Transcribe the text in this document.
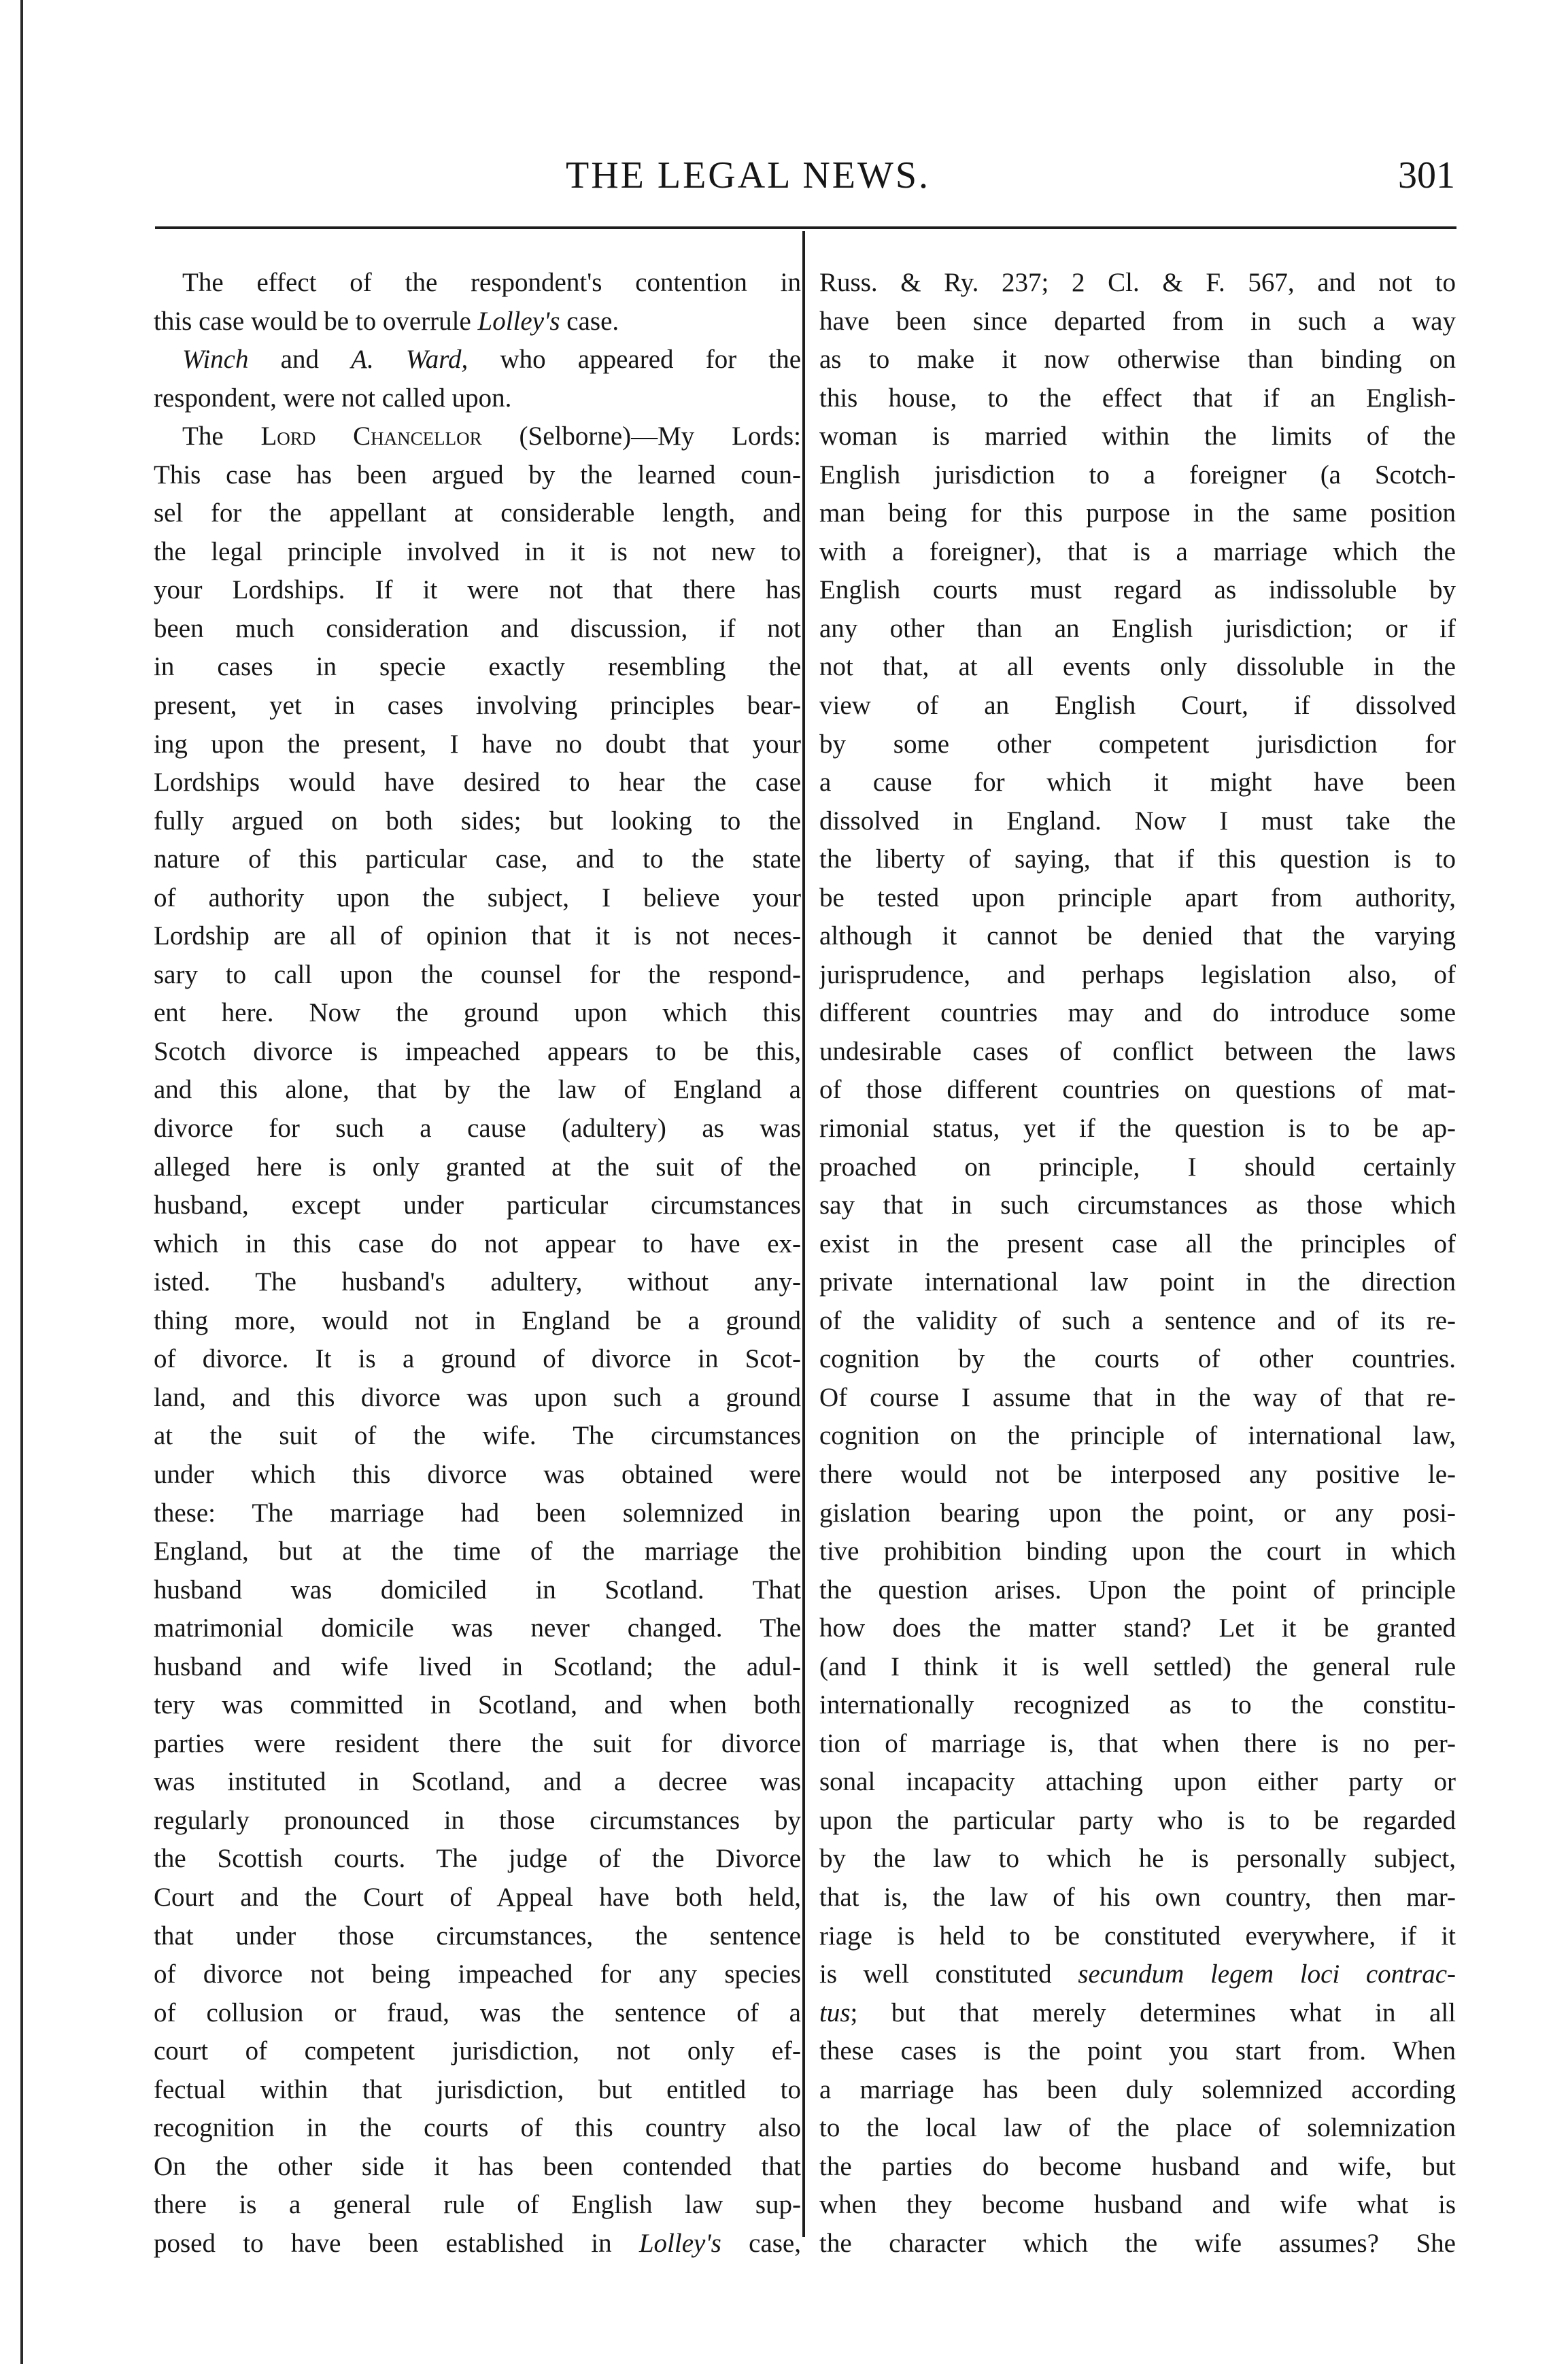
THE LEGAL NEWS.	301
The effect of the respondent's contention in
this case would be to overrule Lolley's case.
Winch and A. Ward, who appeared for the
respondent, were not called upon.
The Lord Chancellor (Selborne)—My Lords:
This case has been argued by the learned coun-
sel for the appellant at considerable length, and
the legal principle involved in it is not new to
your Lordships. If it were not that there has
been much consideration and discussion, if not
in cases in specie exactly resembling the
present, yet in cases involving principles bear-
ing upon the present, I have no doubt that your
Lordships would have desired to hear the case
fully argued on both sides; but looking to the
nature of this particular case, and to the state
of authority upon the subject, I believe your
Lordship are all of opinion that it is not neces-
sary to call upon the counsel for the respond-
ent here. Now the ground upon which this
Scotch divorce is impeached appears to be this,
and this alone, that by the law of England a
divorce for such a cause (adultery) as was
alleged here is only granted at the suit of the
husband, except under particular circumstances
which in this case do not appear to have ex-
isted. The husband's adultery, without any-
thing more, would not in England be a ground
of divorce. It is a ground of divorce in Scot-
land, and this divorce was upon such a ground
at the suit of the wife. The circumstances
under which this divorce was obtained were
these: The marriage had been solemnized in
England, but at the time of the marriage the
husband was domiciled in Scotland. That
matrimonial domicile was never changed. The
husband and wife lived in Scotland; the adul-
tery was committed in Scotland, and when both
parties were resident there the suit for divorce
was instituted in Scotland, and a decree was
regularly pronounced in those circumstances by
the Scottish courts. The judge of the Divorce
Court and the Court of Appeal have both held,
that under those circumstances, the sentence
of divorce not being impeached for any species
of collusion or fraud, was the sentence of a
court of competent jurisdiction, not only ef-
fectual within that jurisdiction, but entitled to
recognition in the courts of this country also
On the other side it has been contended that
there is a general rule of English law sup-
posed to have been established in Lolley's case,
Russ. & Ry. 237; 2 Cl. & F. 567, and not to
have been since departed from in such a way
as to make it now otherwise than binding on
this house, to the effect that if an English-
woman is married within the limits of the
English jurisdiction to a foreigner (a Scotch-
man being for this purpose in the same position
with a foreigner), that is a marriage which the
English courts must regard as indissoluble by
any other than an English jurisdiction; or if
not that, at all events only dissoluble in the
view of an English Court, if dissolved
by some other competent jurisdiction for
a cause for which it might have been
dissolved in England. Now I must take the
the liberty of saying, that if this question is to
be tested upon principle apart from authority,
although it cannot be denied that the varying
jurisprudence, and perhaps legislation also, of
different countries may and do introduce some
undesirable cases of conflict between the laws
of those different countries on questions of mat-
rimonial status, yet if the question is to be ap-
proached on principle, I should certainly
say that in such circumstances as those which
exist in the present case all the principles of
private international law point in the direction
of the validity of such a sentence and of its re-
cognition by the courts of other countries.
Of course I assume that in the way of that re-
cognition on the principle of international law,
there would not be interposed any positive le-
gislation bearing upon the point, or any posi-
tive prohibition binding upon the court in which
the question arises. Upon the point of principle
how does the matter stand? Let it be granted
(and I think it is well settled) the general rule
internationally recognized as to the constitu-
tion of marriage is, that when there is no per-
sonal incapacity attaching upon either party or
upon the particular party who is to be regarded
by the law to which he is personally subject,
that is, the law of his own country, then mar-
riage is held to be constituted everywhere, if it
is well constituted secundum legem loci contrac-
tus; but that merely determines what in all
these cases is the point you start from. When
a marriage has been duly solemnized according
to the local law of the place of solemnization
the parties do become husband and wife, but
when they become husband and wife what is
the character which the wife assumes? She
